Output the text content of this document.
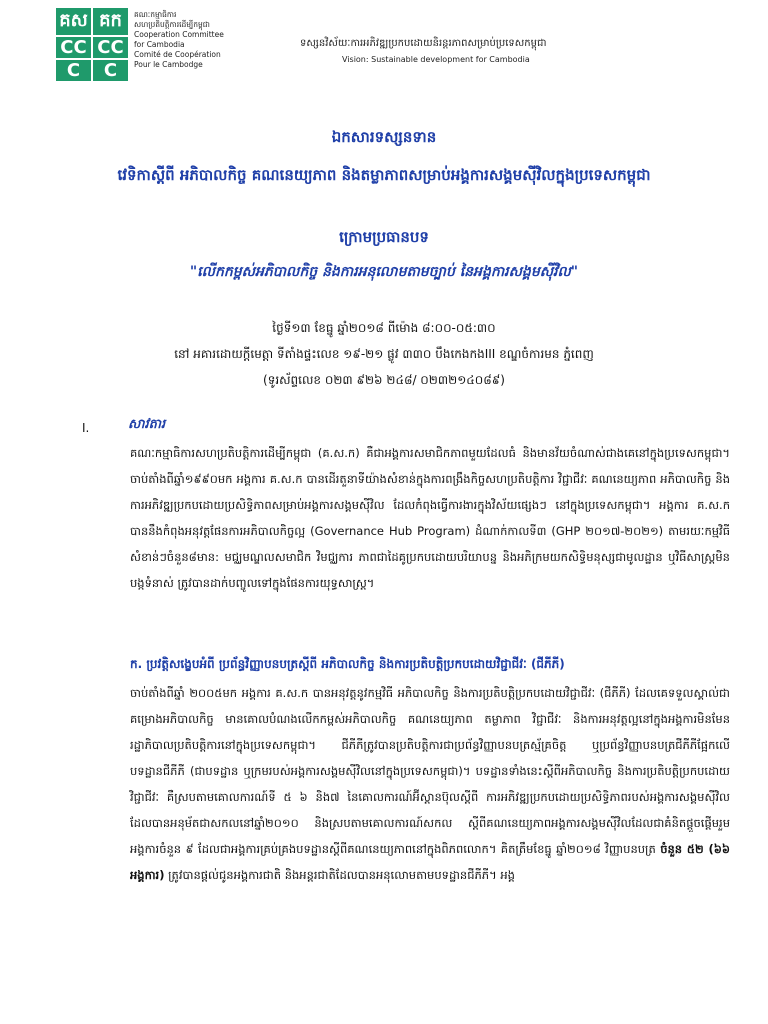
គស គក
CC CC
C	C
គណៈកម្មាធិការ
សហប្រតិបត្តិការដើម្បីកម្ពុជា
Cooperation Committee
for Cambodia
Comité de Coopération
Pour le Cambodge
ទស្សនវិស័យៈការអភិវឌ្ឍប្រកបដោយនិរន្តរភាពសម្រាប់ប្រទេសកម្ពុជា
Vision: Sustainable development for Cambodia
ឯកសារទស្សនទាន
វេទិកាស្តីពី អភិបាលកិច្ច គណនេយ្យភាព និងតម្លាភាពសម្រាប់អង្គការសង្គមស៊ីវិលក្នុងប្រទេសកម្ពុជា
ក្រោមប្រធានបទ
"លើកកម្ពស់អភិបាលកិច្ច និងការអនុលោមតាមច្បាប់ នៃអង្គការសង្គមស៊ីវិល"
ថ្ងៃទី១៣ ខែធ្នូ ឆ្នាំ២០១៨ ពីម៉ោង ៨:០០-០៥:៣០
នៅ អគារដោយក្តីមេត្តា ទីតាំងផ្ទះលេខ ១៩-២១ ផ្លូវ ៣៣០ បឹងកេងកងIII ខណ្ឌចំការមន ភ្នំពេញ
(ទូរស័ព្ទលេខ ០២៣ ៩២៦ ២៤៨/ ០២៣២១៤០៨៩)
I.	សាវតារ
គណៈកម្មាធិការសហប្រតិបត្តិការដើម្បីកម្ពុជា (គ.ស.ក) គឺជាអង្គការសមាជិកភាពមួយដែលធំ និងមានវ័យចំណាស់ជាងគេនៅក្នុងប្រទេសកម្ពុជា។ ចាប់តាំងពីឆ្នាំ១៩៩០មក អង្គការ គ.ស.ក បានដើរតួនាទីយ៉ាងសំខាន់ក្នុងការពង្រឹងកិច្ចសហប្រតិបត្តិការ វិជ្ជាជីវៈ គណនេយ្យភាព អភិបាលកិច្ច និងការអភិវឌ្ឍប្រកបដោយប្រសិទ្ធិភាពសម្រាប់អង្គការសង្គមស៊ីវិល ដែលកំពុងធ្វើការងារក្នុងវិស័យផ្សេងៗ នៅក្នុងប្រទេសកម្ពុជា។ អង្គការ គ.ស.ក បាននឹងកំពុងអនុវត្តផែនការអភិបាលកិច្ចល្អ (Governance Hub Program) ដំណាក់កាលទី៣ (GHP ២០១៧-២០២១) តាមរយៈកម្មវិធីសំខាន់ៗចំនួន៨មាន: មជ្ឈមណ្ឌលសមាជិក វិមជ្ឈការ ភាពជាដៃគូប្រកបដោយបរិយាបន្ន និងអភិក្រមយកសិទ្ធិមនុស្សជាមូលដ្ឋាន ឬវិធីសាស្ត្រមិនបង្កទំនាស់ ត្រូវបានដាក់បញ្ចូលទៅក្នុងផែនការយុទ្ធសាស្ត្រ។
ក. ប្រវត្តិសង្ខេបអំពី ប្រព័ន្ធវិញ្ញាបនបត្រស្តីពី អភិបាលកិច្ច និងការប្រតិបត្តិប្រកបដោយវិជ្ជាជីវៈ (ជីភីភី)
ចាប់តាំងពីឆ្នាំ ២០០៥មក អង្គការ គ.ស.ក បានអនុវត្តនូវកម្មវិធី អភិបាលកិច្ច និងការប្រតិបត្តិប្រកបដោយវិជ្ជាជីវៈ (ជីភីភី) ដែលគេទទួលស្គាល់ជាគម្រោងអភិបាលកិច្ច មានគោលបំណងលើកកម្ពស់អភិបាលកិច្ច គណនេយ្យភាព តម្លាភាព វិជ្ជាជីវៈ និងការអនុវត្តល្អនៅក្នុងអង្គការមិនមែនរដ្ឋាភិបាលប្រតិបត្តិការនៅក្នុងប្រទេសកម្ពុជា។ ជីភីភីត្រូវបានប្រតិបត្តិការជាប្រព័ន្ធវិញ្ញាបនបត្រស្ម័គ្រចិត្ត ឬប្រព័ន្ធវិញ្ញាបនបត្រជីភីភីផ្អែកលើបទដ្ឋានជីភីភី (ជាបទដ្ឋាន ឬក្រមរបស់អង្គការសង្គមស៊ីវិលនៅក្នុងប្រទេសកម្ពុជា)។ បទដ្ឋានទាំងនេះស្តីពីអភិបាលកិច្ច និងការប្រតិបត្តិប្រកបដោយវិជ្ជាជីវៈ គឺស្របតាមគោលការណ៍ទី ៥ ៦ និង៧ នៃគោលការណ៍អ៊ីស្តានប៊ុលស្តីពី ការអភិវឌ្ឍប្រកបដោយប្រសិទ្ធិភាពរបស់អង្គការសង្គមស៊ីវិល ដែលបានអនុម័តជាសកលនៅឆ្នាំ២០១០ និងស្របតាមគោលការណ៍សកល ស្តីពីគណនេយ្យភាពអង្គការសង្គមស៊ីវិលដែលជាគំនិតផ្តួចផ្តើមរួមអង្គការចំនួន ៩ ដែលជាអង្គការគ្រប់គ្រងបទដ្ឋានស្តីពីគណនេយ្យភាពនៅក្នុងពិភពលោក។ គិតត្រឹមខែធ្នូ ឆ្នាំ២០១៨ វិញ្ញាបនបត្រ ចំនួន ៥២ (៦៦ អង្គការ) ត្រូវបានផ្តល់ជូនអង្គការជាតិ និងអន្តរជាតិដែលបានអនុលោមតាមបទដ្ឋានជីភីភី។ អង្គ
